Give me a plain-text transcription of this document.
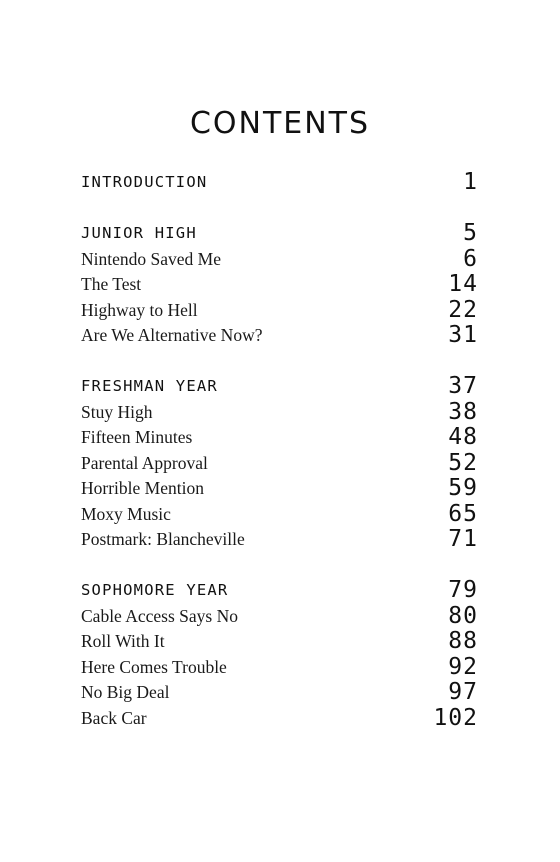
CONTENTS
INTRODUCTION	1
JUNIOR HIGH	5
Nintendo Saved Me	6
The Test	14
Highway to Hell	22
Are We Alternative Now?	31
FRESHMAN YEAR	37
Stuy High	38
Fifteen Minutes	48
Parental Approval	52
Horrible Mention	59
Moxy Music	65
Postmark: Blancheville	71
SOPHOMORE YEAR	79
Cable Access Says No	80
Roll With It	88
Here Comes Trouble	92
No Big Deal	97
Back Car	102
